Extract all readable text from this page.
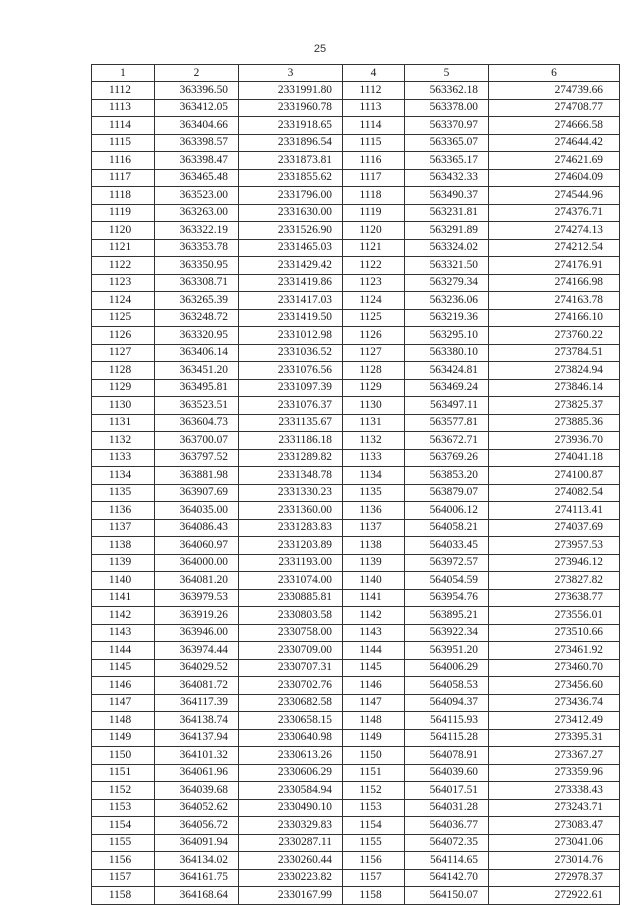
25
1	2	3	4	5	6
1112	363396.50	2331991.80	1112	563362.18	274739.66
1113	363412.05	2331960.78	1113	563378.00	274708.77
1114	363404.66	2331918.65	1114	563370.97	274666.58
1115	363398.57	2331896.54	1115	563365.07	274644.42
1116	363398.47	2331873.81	1116	563365.17	274621.69
1117	363465.48	2331855.62	1117	563432.33	274604.09
1118	363523.00	2331796.00	1118	563490.37	274544.96
1119	363263.00	2331630.00	1119	563231.81	274376.71
1120	363322.19	2331526.90	1120	563291.89	274274.13
1121	363353.78	2331465.03	1121	563324.02	274212.54
1122	363350.95	2331429.42	1122	563321.50	274176.91
1123	363308.71	2331419.86	1123	563279.34	274166.98
1124	363265.39	2331417.03	1124	563236.06	274163.78
1125	363248.72	2331419.50	1125	563219.36	274166.10
1126	363320.95	2331012.98	1126	563295.10	273760.22
1127	363406.14	2331036.52	1127	563380.10	273784.51
1128	363451.20	2331076.56	1128	563424.81	273824.94
1129	363495.81	2331097.39	1129	563469.24	273846.14
1130	363523.51	2331076.37	1130	563497.11	273825.37
1131	363604.73	2331135.67	1131	563577.81	273885.36
1132	363700.07	2331186.18	1132	563672.71	273936.70
1133	363797.52	2331289.82	1133	563769.26	274041.18
1134	363881.98	2331348.78	1134	563853.20	274100.87
1135	363907.69	2331330.23	1135	563879.07	274082.54
1136	364035.00	2331360.00	1136	564006.12	274113.41
1137	364086.43	2331283.83	1137	564058.21	274037.69
1138	364060.97	2331203.89	1138	564033.45	273957.53
1139	364000.00	2331193.00	1139	563972.57	273946.12
1140	364081.20	2331074.00	1140	564054.59	273827.82
1141	363979.53	2330885.81	1141	563954.76	273638.77
1142	363919.26	2330803.58	1142	563895.21	273556.01
1143	363946.00	2330758.00	1143	563922.34	273510.66
1144	363974.44	2330709.00	1144	563951.20	273461.92
1145	364029.52	2330707.31	1145	564006.29	273460.70
1146	364081.72	2330702.76	1146	564058.53	273456.60
1147	364117.39	2330682.58	1147	564094.37	273436.74
1148	364138.74	2330658.15	1148	564115.93	273412.49
1149	364137.94	2330640.98	1149	564115.28	273395.31
1150	364101.32	2330613.26	1150	564078.91	273367.27
1151	364061.96	2330606.29	1151	564039.60	273359.96
1152	364039.68	2330584.94	1152	564017.51	273338.43
1153	364052.62	2330490.10	1153	564031.28	273243.71
1154	364056.72	2330329.83	1154	564036.77	273083.47
1155	364091.94	2330287.11	1155	564072.35	273041.06
1156	364134.02	2330260.44	1156	564114.65	273014.76
1157	364161.75	2330223.82	1157	564142.70	272978.37
1158	364168.64	2330167.99	1158	564150.07	272922.61
